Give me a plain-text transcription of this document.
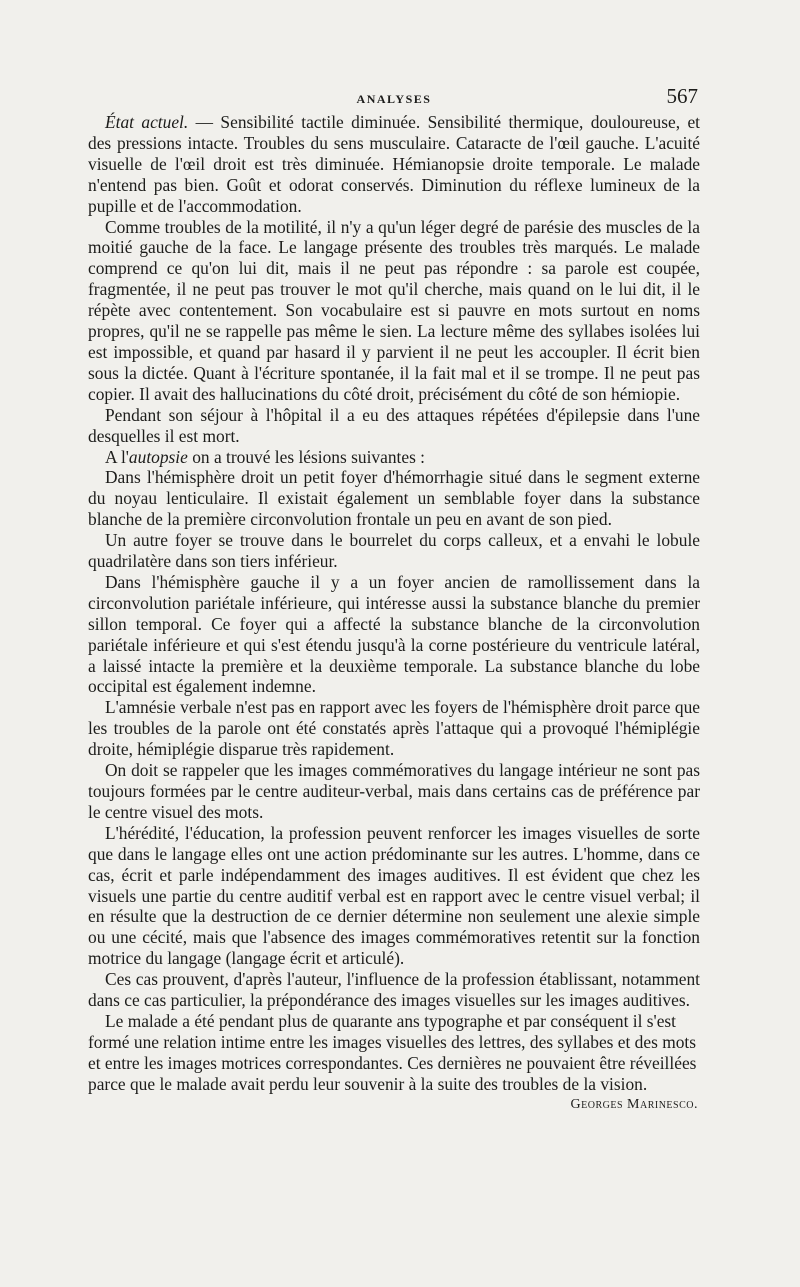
ANALYSES	567

État actuel. — Sensibilité tactile diminuée. Sensibilité thermique, douloureuse, et des pressions intacte. Troubles du sens musculaire. Cataracte de l'œil gauche. L'acuité visuelle de l'œil droit est très diminuée. Hémianopsie droite temporale. Le malade n'entend pas bien. Goût et odorat conservés. Diminution du réflexe lumineux de la pupille et de l'accommodation.

Comme troubles de la motilité, il n'y a qu'un léger degré de parésie des muscles de la moitié gauche de la face. Le langage présente des troubles très marqués. Le malade comprend ce qu'on lui dit, mais il ne peut pas répondre : sa parole est coupée, fragmentée, il ne peut pas trouver le mot qu'il cherche, mais quand on le lui dit, il le répète avec contentement. Son vocabulaire est si pauvre en mots surtout en noms propres, qu'il ne se rappelle pas même le sien. La lecture même des syllabes isolées lui est impossible, et quand par hasard il y parvient il ne peut les accoupler. Il écrit bien sous la dictée. Quant à l'écriture spontanée, il la fait mal et il se trompe. Il ne peut pas copier. Il avait des hallucinations du côté droit, précisément du côté de son hémiopie.

Pendant son séjour à l'hôpital il a eu des attaques répétées d'épilepsie dans l'une desquelles il est mort.

A l'autopsie on a trouvé les lésions suivantes :

Dans l'hémisphère droit un petit foyer d'hémorrhagie situé dans le segment externe du noyau lenticulaire. Il existait également un semblable foyer dans la substance blanche de la première circonvolution frontale un peu en avant de son pied.

Un autre foyer se trouve dans le bourrelet du corps calleux, et a envahi le lobule quadrilatère dans son tiers inférieur.

Dans l'hémisphère gauche il y a un foyer ancien de ramollissement dans la circonvolution pariétale inférieure, qui intéresse aussi la substance blanche du premier sillon temporal. Ce foyer qui a affecté la substance blanche de la circonvolution pariétale inférieure et qui s'est étendu jusqu'à la corne postérieure du ventricule latéral, a laissé intacte la première et la deuxième temporale. La substance blanche du lobe occipital est également indemne.

L'amnésie verbale n'est pas en rapport avec les foyers de l'hémisphère droit parce que les troubles de la parole ont été constatés après l'attaque qui a provoqué l'hémiplégie droite, hémiplégie disparue très rapidement.

On doit se rappeler que les images commémoratives du langage intérieur ne sont pas toujours formées par le centre auditeur-verbal, mais dans certains cas de préférence par le centre visuel des mots.

L'hérédité, l'éducation, la profession peuvent renforcer les images visuelles de sorte que dans le langage elles ont une action prédominante sur les autres. L'homme, dans ce cas, écrit et parle indépendamment des images auditives. Il est évident que chez les visuels une partie du centre auditif verbal est en rapport avec le centre visuel verbal; il en résulte que la destruction de ce dernier détermine non seulement une alexie simple ou une cécité, mais que l'absence des images commémoratives retentit sur la fonction motrice du langage (langage écrit et articulé).

Ces cas prouvent, d'après l'auteur, l'influence de la profession établissant, notamment dans ce cas particulier, la prépondérance des images visuelles sur les images auditives.

Le malade a été pendant plus de quarante ans typographe et par conséquent il s'est formé une relation intime entre les images visuelles des lettres, des syllabes et des mots et entre les images motrices correspondantes. Ces dernières ne pouvaient être réveillées parce que le malade avait perdu leur souvenir à la suite des troubles de la vision.
Georges Marinesco.
